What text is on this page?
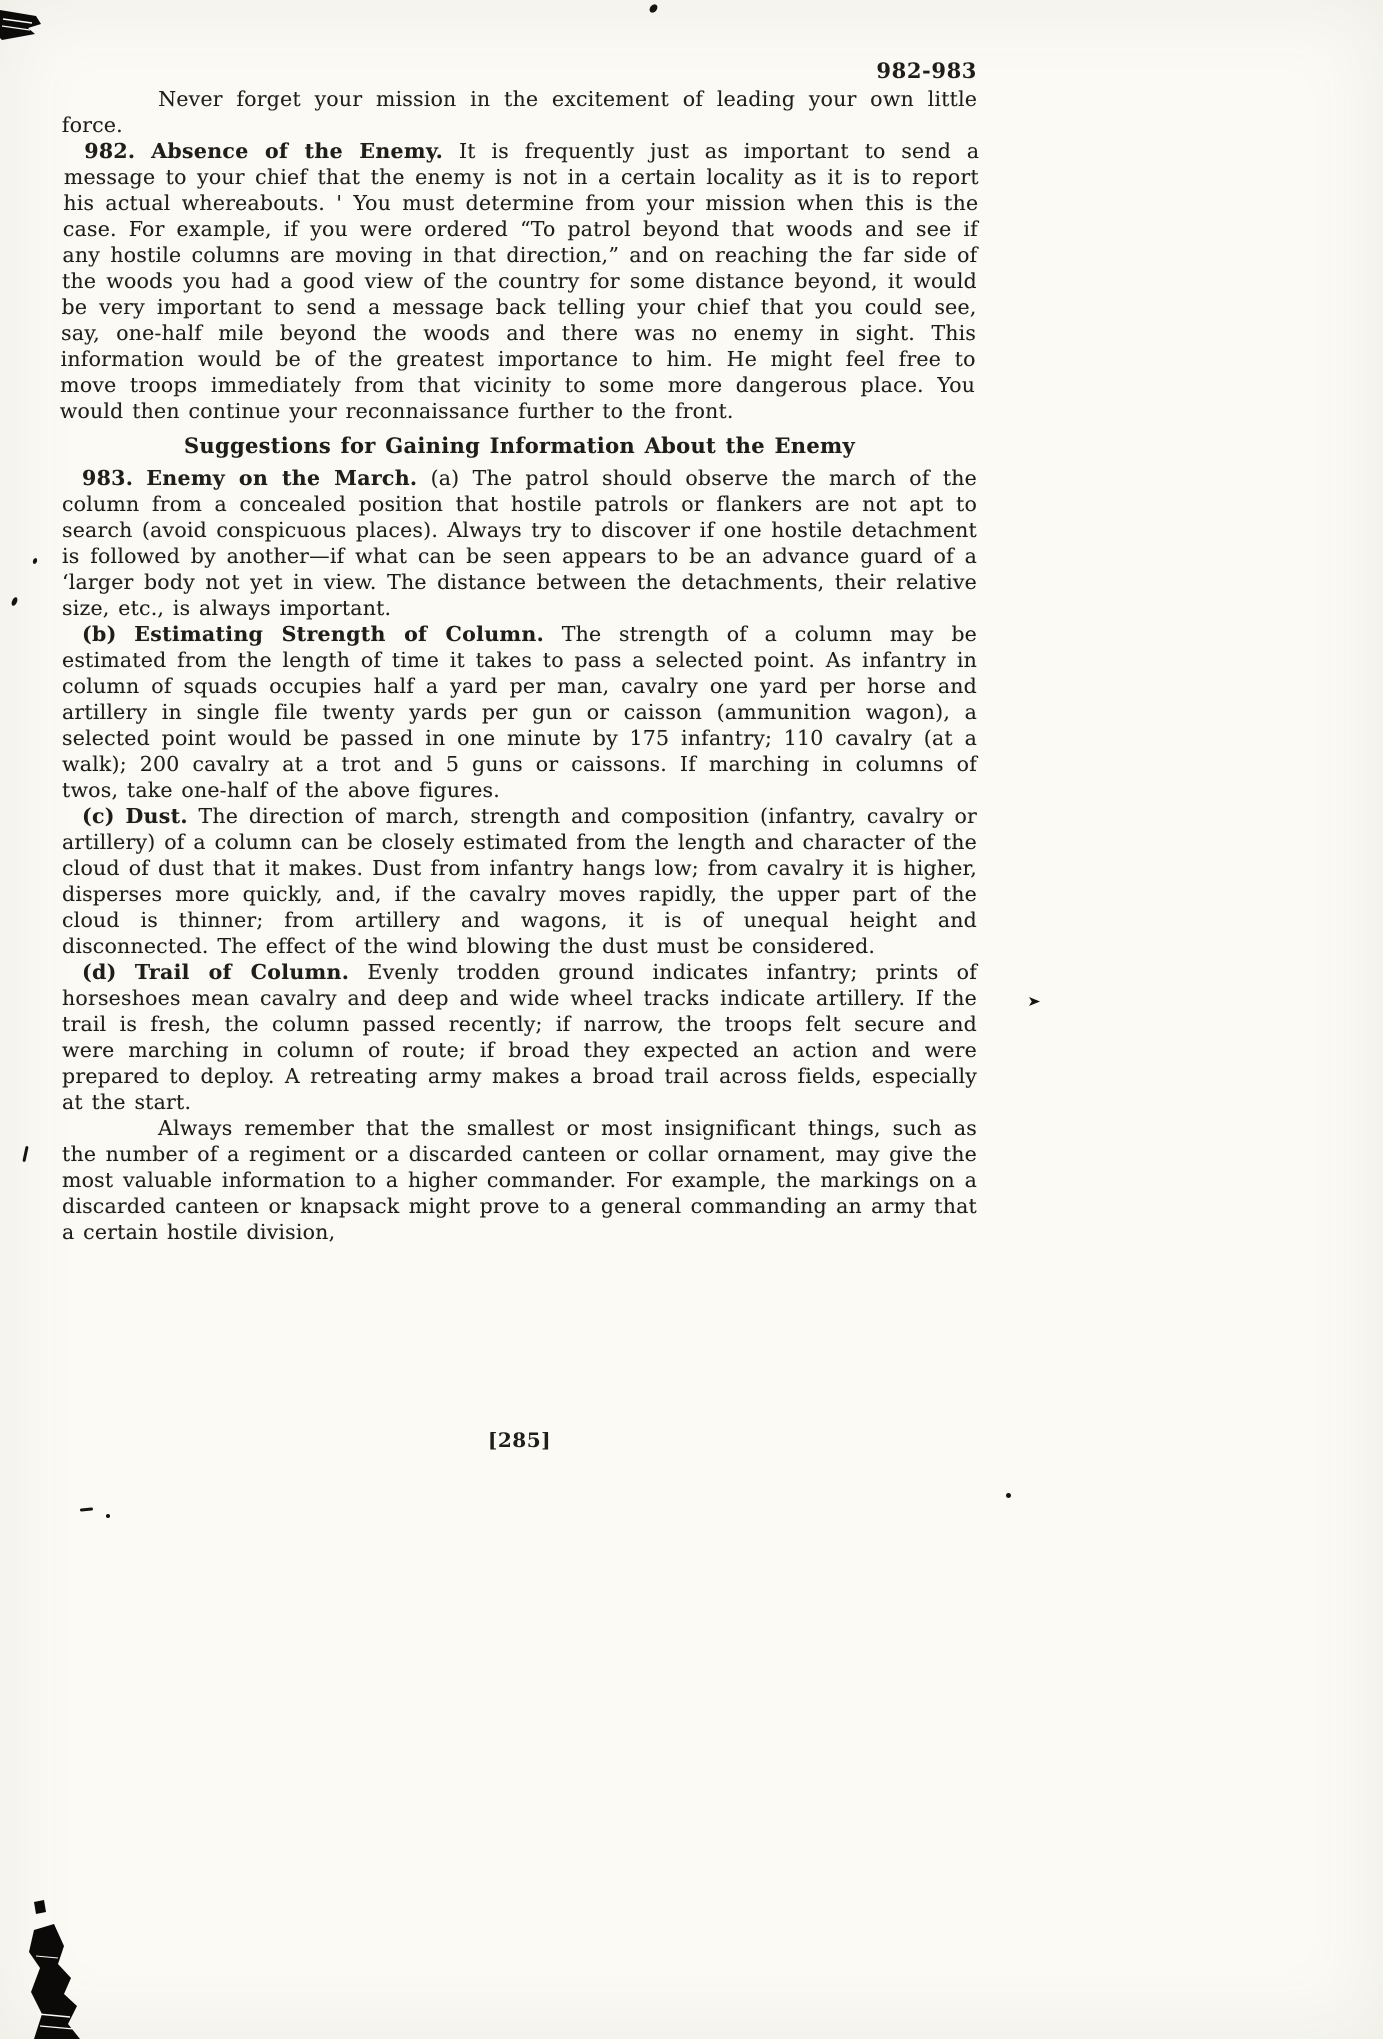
982-983

Never forget your mission in the excitement of leading your own little force.

982. Absence of the Enemy. It is frequently just as important to send a message to your chief that the enemy is not in a certain locality as it is to report his actual whereabouts. ' You must determine from your mission when this is the case. For example, if you were ordered “To patrol beyond that woods and see if any hostile columns are moving in that direction,” and on reaching the far side of the woods you had a good view of the country for some distance beyond, it would be very important to send a message back telling your chief that you could see, say, one-half mile beyond the woods and there was no enemy in sight. This information would be of the greatest importance to him. He might feel free to move troops immediately from that vicinity to some more dangerous place. You would then continue your reconnaissance further to the front.

Suggestions for Gaining Information About the Enemy

983. Enemy on the March. (a) The patrol should observe the march of the column from a concealed position that hostile patrols or flankers are not apt to search (avoid conspicuous places). Always try to discover if one hostile detachment is followed by another—if what can be seen appears to be an advance guard of a ‘larger body not yet in view. The distance between the detachments, their relative size, etc., is always important.

(b) Estimating Strength of Column. The strength of a column may be estimated from the length of time it takes to pass a selected point. As infantry in column of squads occupies half a yard per man, cavalry one yard per horse and artillery in single file twenty yards per gun or caisson (ammunition wagon), a selected point would be passed in one minute by 175 infantry; 110 cavalry (at a walk); 200 cavalry at a trot and 5 guns or caissons. If marching in columns of twos, take one-half of the above figures.

(c) Dust. The direction of march, strength and composition (infantry, cavalry or artillery) of a column can be closely estimated from the length and character of the cloud of dust that it makes. Dust from infantry hangs low; from cavalry it is higher, disperses more quickly, and, if the cavalry moves rapidly, the upper part of the cloud is thinner; from artillery and wagons, it is of unequal height and disconnected. The effect of the wind blowing the dust must be considered.

(d) Trail of Column. Evenly trodden ground indicates infantry; prints of horseshoes mean cavalry and deep and wide wheel tracks indicate artillery. If the trail is fresh, the column passed recently; if narrow, the troops felt secure and were marching in column of route; if broad they expected an action and were prepared to deploy. A retreating army makes a broad trail across fields, especially at the start.

Always remember that the smallest or most insignificant things, such as the number of a regiment or a discarded canteen or collar ornament, may give the most valuable information to a higher commander. For example, the markings on a discarded canteen or knapsack might prove to a general commanding an army that a certain hostile division,

[285]
